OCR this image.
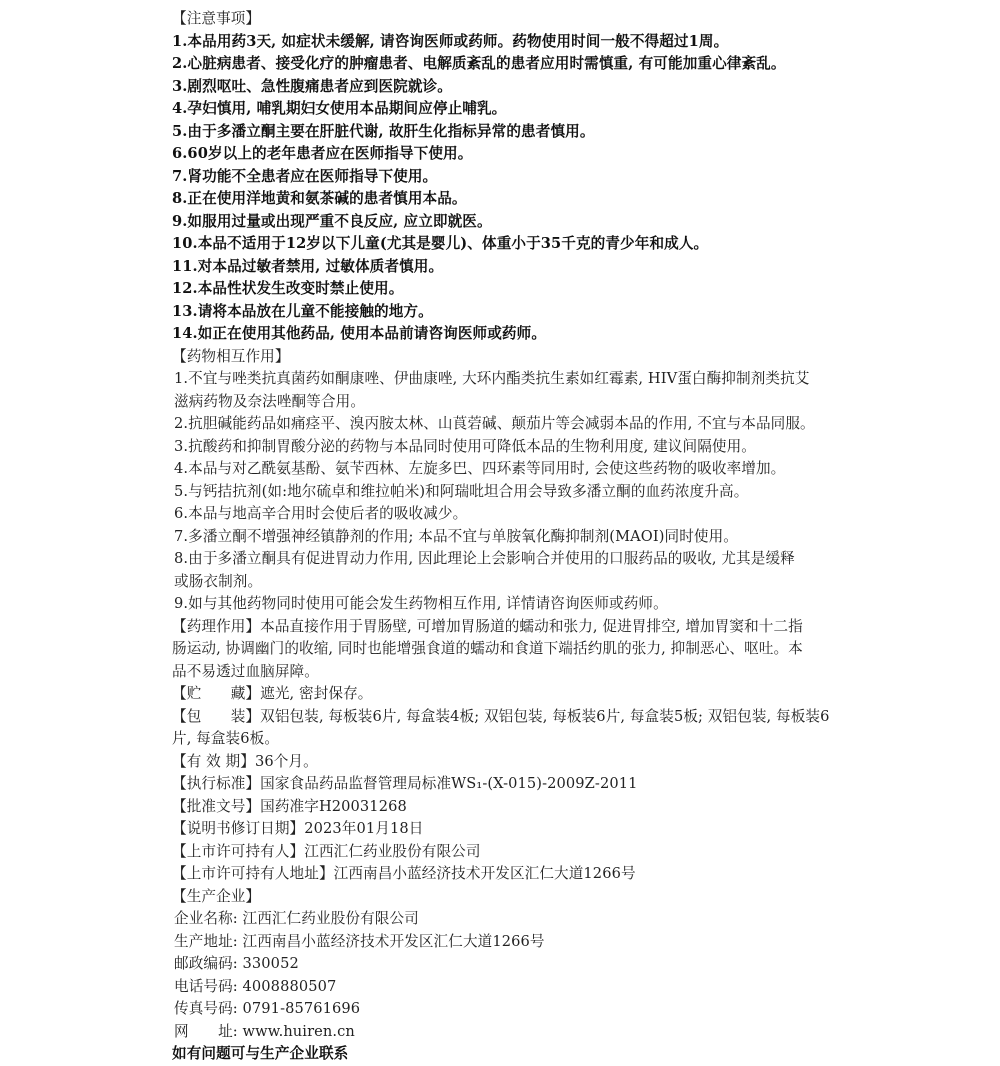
【注意事项】
1.本品用药3天, 如症状未缓解, 请咨询医师或药师。药物使用时间一般不得超过1周。
2.心脏病患者、接受化疗的肿瘤患者、电解质紊乱的患者应用时需慎重, 有可能加重心律紊乱。
3.剧烈呕吐、急性腹痛患者应到医院就诊。
4.孕妇慎用, 哺乳期妇女使用本品期间应停止哺乳。
5.由于多潘立酮主要在肝脏代谢, 故肝生化指标异常的患者慎用。
6.60岁以上的老年患者应在医师指导下使用。
7.肾功能不全患者应在医师指导下使用。
8.正在使用洋地黄和氨茶碱的患者慎用本品。
9.如服用过量或出现严重不良反应, 应立即就医。
10.本品不适用于12岁以下儿童(尤其是婴儿)、体重小于35千克的青少年和成人。
11.对本品过敏者禁用, 过敏体质者慎用。
12.本品性状发生改变时禁止使用。
13.请将本品放在儿童不能接触的地方。
14.如正在使用其他药品, 使用本品前请咨询医师或药师。
【药物相互作用】
1.不宜与唑类抗真菌药如酮康唑、伊曲康唑, 大环内酯类抗生素如红霉素, HIV蛋白酶抑制剂类抗艾
滋病药物及奈法唑酮等合用。
2.抗胆碱能药品如痛痉平、溴丙胺太林、山莨菪碱、颠茄片等会减弱本品的作用, 不宜与本品同服。
3.抗酸药和抑制胃酸分泌的药物与本品同时使用可降低本品的生物利用度, 建议间隔使用。
4.本品与对乙酰氨基酚、氨苄西林、左旋多巴、四环素等同用时, 会使这些药物的吸收率增加。
5.与钙拮抗剂(如:地尔硫卓和维拉帕米)和阿瑞吡坦合用会导致多潘立酮的血药浓度升高。
6.本品与地高辛合用时会使后者的吸收减少。
7.多潘立酮不增强神经镇静剂的作用; 本品不宜与单胺氧化酶抑制剂(MAOI)同时使用。
8.由于多潘立酮具有促进胃动力作用, 因此理论上会影响合并使用的口服药品的吸收, 尤其是缓释
或肠衣制剂。
9.如与其他药物同时使用可能会发生药物相互作用, 详情请咨询医师或药师。
【药理作用】本品直接作用于胃肠壁, 可增加胃肠道的蠕动和张力, 促进胃排空, 增加胃窦和十二指
肠运动, 协调幽门的收缩, 同时也能增强食道的蠕动和食道下端括约肌的张力, 抑制恶心、呕吐。本
品不易透过血脑屏障。
【贮　　藏】遮光, 密封保存。
【包　　装】双铝包装, 每板装6片, 每盒装4板; 双铝包装, 每板装6片, 每盒装5板; 双铝包装, 每板装6
片, 每盒装6板。
【有 效 期】36个月。
【执行标准】国家食品药品监督管理局标准WS₁-(X-015)-2009Z-2011
【批准文号】国药准字H20031268
【说明书修订日期】2023年01月18日
【上市许可持有人】江西汇仁药业股份有限公司
【上市许可持有人地址】江西南昌小蓝经济技术开发区汇仁大道1266号
【生产企业】
企业名称: 江西汇仁药业股份有限公司
生产地址: 江西南昌小蓝经济技术开发区汇仁大道1266号
邮政编码: 330052
电话号码: 4008880507
传真号码: 0791-85761696
网　　址: www.huiren.cn
如有问题可与生产企业联系
